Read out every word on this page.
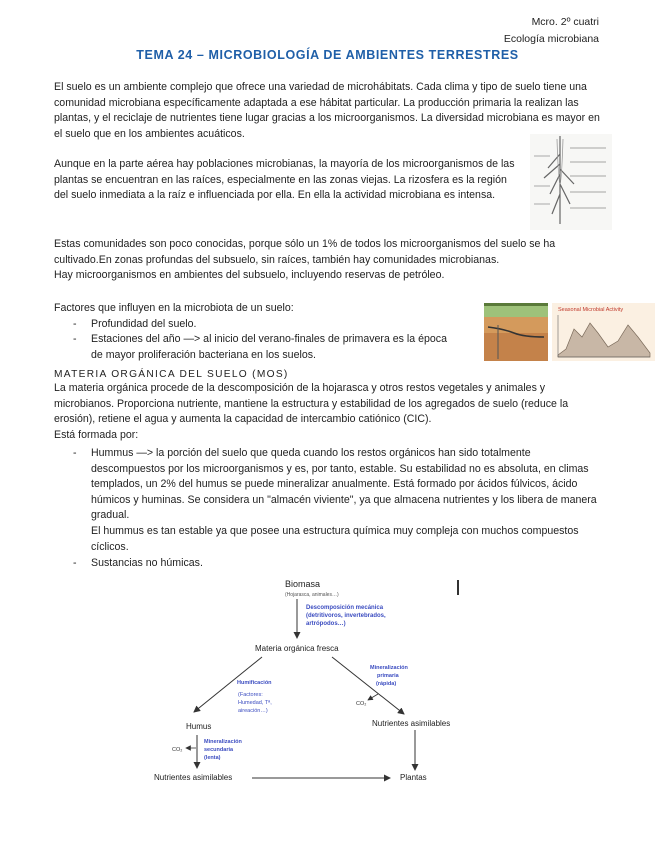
Mcro. 2º cuatri
Ecología microbiana
TEMA 24 – MICROBIOLOGÍA DE AMBIENTES TERRESTRES
El suelo es un ambiente complejo que ofrece una variedad de microhábitats. Cada clima y tipo de suelo tiene una comunidad microbiana específicamente adaptada a ese hábitat particular. La producción primaria la realizan las plantas, y el reciclaje de nutrientes tiene lugar gracias a los microorganismos. La diversidad microbiana es mayor en el suelo que en los ambientes acuáticos.
Aunque en la parte aérea hay poblaciones microbianas, la mayoría de los microorganismos de las plantas se encuentran en las raíces, especialmente en las zonas viejas. La rizosfera es la región del suelo inmediata a la raíz e influenciada por ella. En ella la actividad microbiana es intensa.
Estas comunidades son poco conocidas, porque sólo un 1% de todos los microorganismos del suelo se ha cultivado.En zonas profundas del subsuelo, sin raíces, también hay comunidades microbianas.
Hay microorganismos en ambientes del subsuelo, incluyendo reservas de petróleo.
Factores que influyen en la microbiota de un suelo:
- Profundidad del suelo.
- Estaciones del año —> al inicio del verano-finales de primavera es la época de mayor proliferación bacteriana en los suelos.
Seasonal Microbial Activity
MATERIA ORGÁNICA DEL SUELO (MOS)
La materia orgánica procede de la descomposición de la hojarasca y otros restos vegetales y animales y microbianos. Proporciona nutriente, mantiene la estructura y estabilidad de los agregados de suelo (reduce la erosión), retiene el agua y aumenta la capacidad de intercambio catiónico (CIC).
Está formada por:
- Hummus —> la porción del suelo que queda cuando los restos orgánicos han sido totalmente descompuestos por los microorganismos y es, por tanto, estable. Su estabilidad no es absoluta, en climas templados, un 2% del humus se puede mineralizar anualmente. Está formado por ácidos fúlvicos, ácido húmicos y huminas. Se considera un "almacén viviente", ya que almacena nutrientes y los libera de manera gradual.
El hummus es tan estable ya que posee una estructura química muy compleja con muchos compuestos cíclicos.
- Sustancias no húmicas.
Biomasa
(Hojarasca, animales…)
Descomposición mecánica
(detritivoros, invertebrados,
artrópodos…)
Materia orgánica fresca
Humificación
(Factores:
Humedad, Tª,
aireación…)
Mineralización
primaria
(rápida)
CO₂
Humus	Nutrientes asimilables
Mineralización
secundaria
(lenta)
CO₂
Nutrientes asimilables	Plantas
